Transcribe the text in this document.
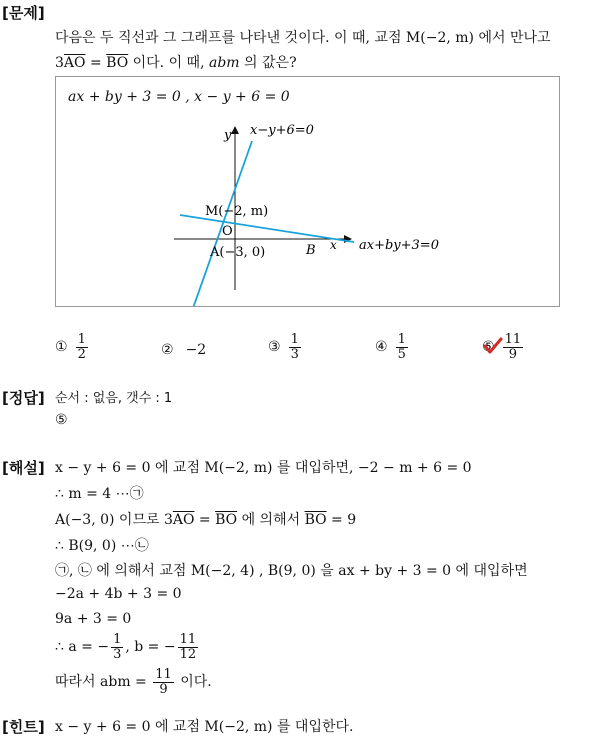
[문제]
다음은 두 직선과 그 그래프를 나타낸 것이다. 이 때, 교점 M(−2, m) 에서 만나고
$3\overline{AO} = \overline{BO}$ 이다. 이 때, abm 의 값은?
ax + by + 3 = 0 , x − y + 6 = 0
y
x
x−y+6=0
ax+by+3=0
M(−2, m)
O
A(−3, 0)	B
① $\frac{1}{2}$	② −2	③ $\frac{1}{3}$	④ $\frac{1}{5}$	⑤ $\frac{11}{9}$
[정답] 순서 : 없음, 갯수 : 1
⑤
[해설] x − y + 6 = 0 에 교점 M(−2, m) 를 대입하면, −2 − m + 6 = 0
∴ m = 4 ⋯㉠
A(−3, 0) 이므로 $3\overline{AO} = \overline{BO}$ 에 의해서 $\overline{BO} = 9$
∴ B(9, 0) ⋯㉡
㉠, ㉡ 에 의해서 교점 M(−2, 4) , B(9, 0) 을 ax + by + 3 = 0 에 대입하면
−2a + 4b + 3 = 0
9a + 3 = 0
∴ a = − $\frac{1}{3}$ , b = − $\frac{11}{12}$
따라서 abm = $\frac{11}{9}$ 이다.
[힌트] x − y + 6 = 0 에 교점 M(−2, m) 를 대입한다.
